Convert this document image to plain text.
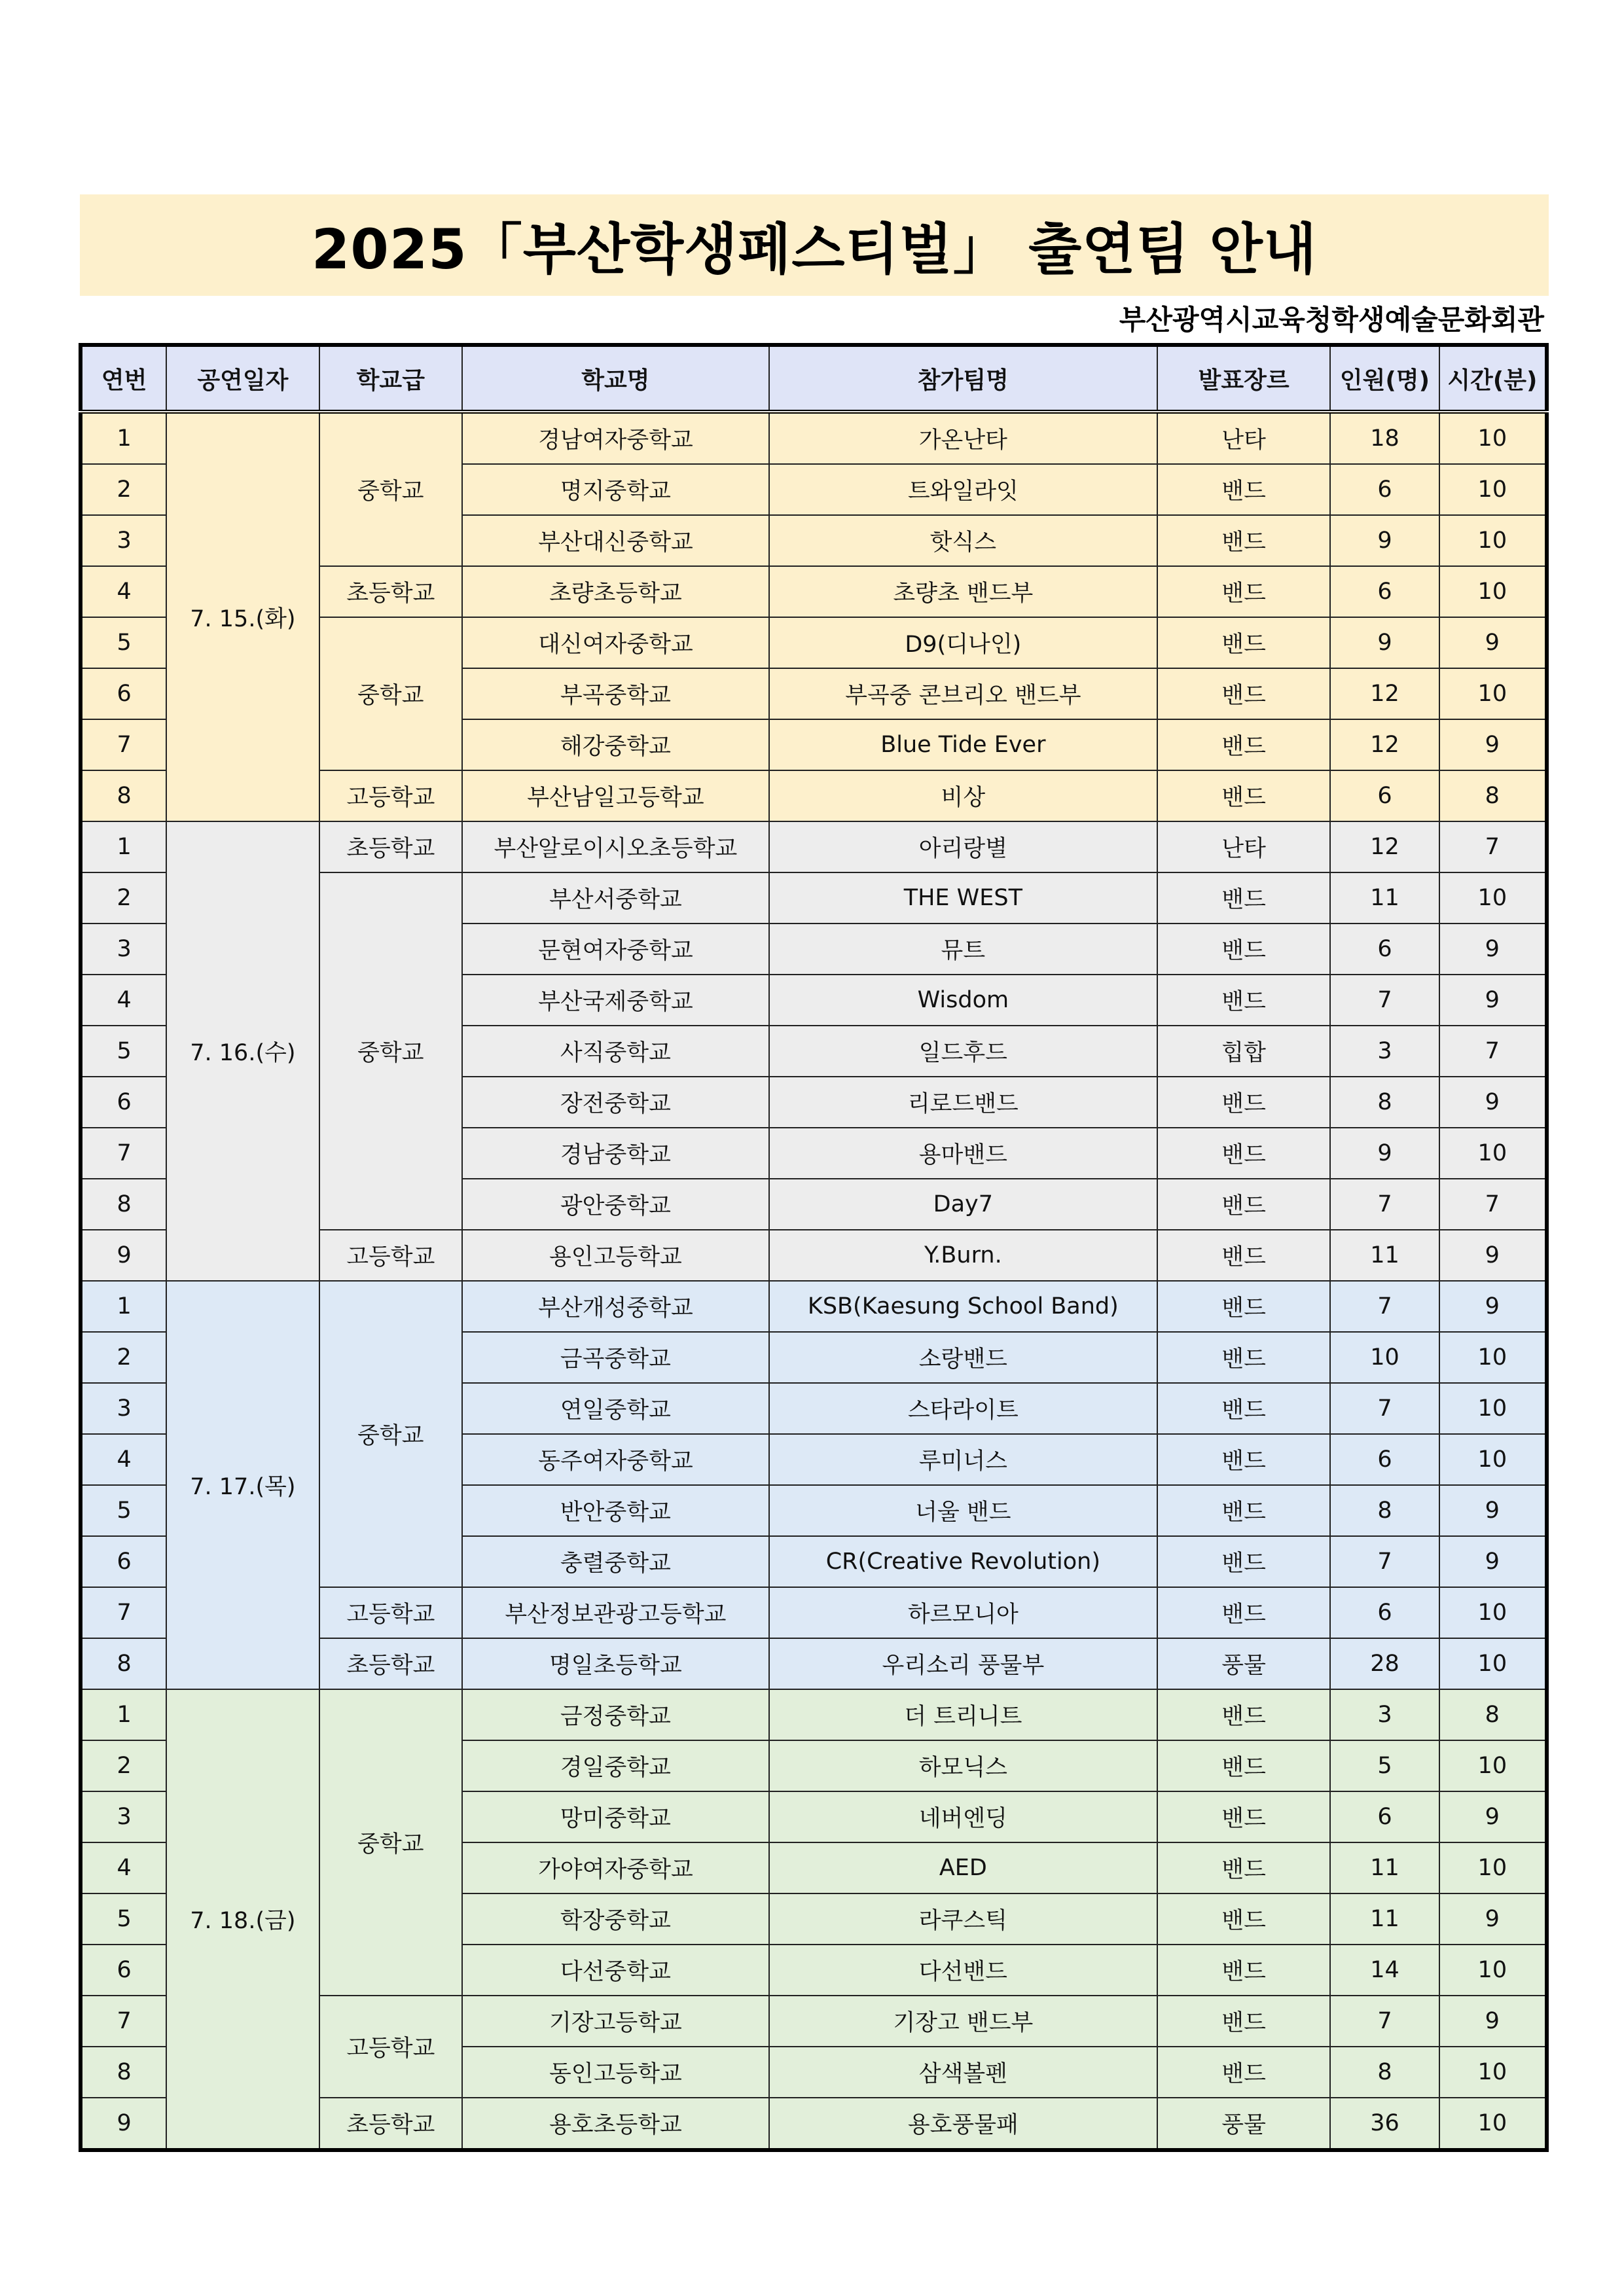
2025「부산학생페스티벌」 출연팀 안내
부산광역시교육청학생예술문화회관
연번	공연일자	학교급	학교명	참가팀명	발표장르	인원(명)	시간(분)
1	7. 15.(화)	중학교	경남여자중학교	가온난타	난타	18	10
2			명지중학교	트와일라잇	밴드	6	10
3			부산대신중학교	핫식스	밴드	9	10
4		초등학교	초량초등학교	초량초 밴드부	밴드	6	10
5		중학교	대신여자중학교	D9(디나인)	밴드	9	9
6			부곡중학교	부곡중 콘브리오 밴드부	밴드	12	10
7			해강중학교	Blue Tide Ever	밴드	12	9
8		고등학교	부산남일고등학교	비상	밴드	6	8
1	7. 16.(수)	초등학교	부산알로이시오초등학교	아리랑별	난타	12	7
2		중학교	부산서중학교	THE WEST	밴드	11	10
3			문현여자중학교	뮤트	밴드	6	9
4			부산국제중학교	Wisdom	밴드	7	9
5			사직중학교	일드후드	힙합	3	7
6			장전중학교	리로드밴드	밴드	8	9
7			경남중학교	용마밴드	밴드	9	10
8			광안중학교	Day7	밴드	7	7
9		고등학교	용인고등학교	Y.Burn.	밴드	11	9
1	7. 17.(목)	중학교	부산개성중학교	KSB(Kaesung School Band)	밴드	7	9
2			금곡중학교	소랑밴드	밴드	10	10
3			연일중학교	스타라이트	밴드	7	10
4			동주여자중학교	루미너스	밴드	6	10
5			반안중학교	너울 밴드	밴드	8	9
6			충렬중학교	CR(Creative Revolution)	밴드	7	9
7		고등학교	부산정보관광고등학교	하르모니아	밴드	6	10
8		초등학교	명일초등학교	우리소리 풍물부	풍물	28	10
1	7. 18.(금)	중학교	금정중학교	더 트리니트	밴드	3	8
2			경일중학교	하모닉스	밴드	5	10
3			망미중학교	네버엔딩	밴드	6	9
4			가야여자중학교	AED	밴드	11	10
5			학장중학교	라쿠스틱	밴드	11	9
6			다선중학교	다선밴드	밴드	14	10
7		고등학교	기장고등학교	기장고 밴드부	밴드	7	9
8			동인고등학교	삼색볼펜	밴드	8	10
9		초등학교	용호초등학교	용호풍물패	풍물	36	10
